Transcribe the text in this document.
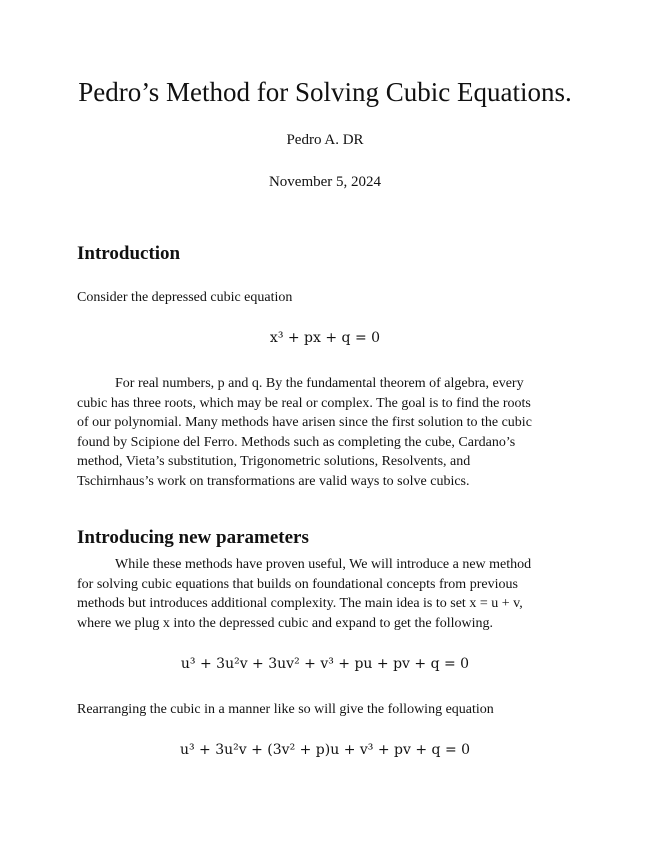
Pedro’s Method for Solving Cubic Equations.
Pedro A. DR
November 5, 2024
Introduction
Consider the depressed cubic equation
x³ + px + q = 0
For real numbers, p and q. By the fundamental theorem of algebra, every
cubic has three roots, which may be real or complex. The goal is to find the roots
of our polynomial. Many methods have arisen since the first solution to the cubic
found by Scipione del Ferro. Methods such as completing the cube, Cardano’s
method, Vieta’s substitution, Trigonometric solutions, Resolvents, and
Tschirnhaus’s work on transformations are valid ways to solve cubics.
Introducing new parameters
While these methods have proven useful, We will introduce a new method
for solving cubic equations that builds on foundational concepts from previous
methods but introduces additional complexity. The main idea is to set x = u + v,
where we plug x into the depressed cubic and expand to get the following.
u³ + 3u²v + 3uv² + v³ + pu + pv + q = 0
Rearranging the cubic in a manner like so will give the following equation
u³ + 3u²v + (3v² + p)u + v³ + pv + q = 0
